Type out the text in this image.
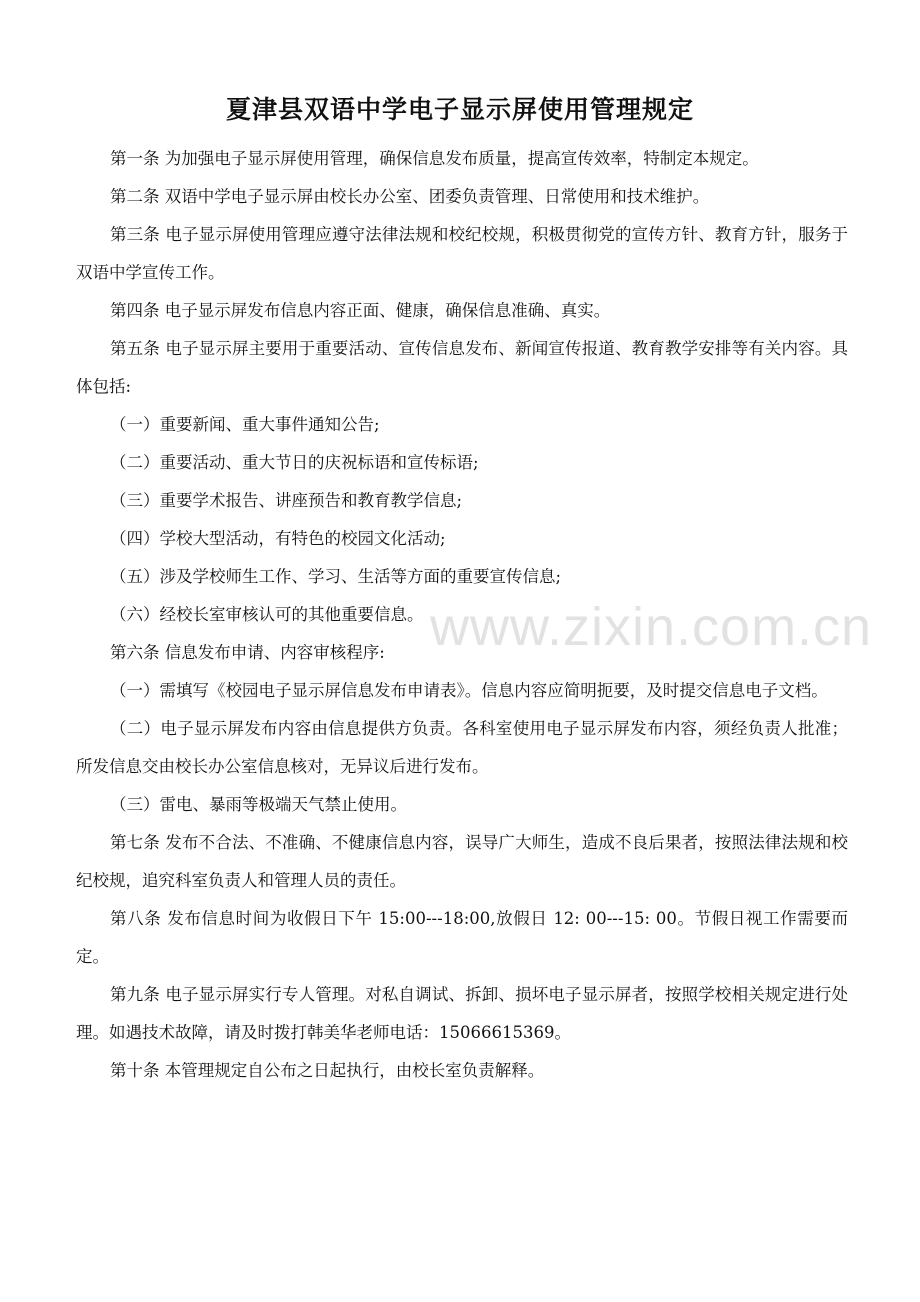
夏津县双语中学电子显示屏使用管理规定

第一条 为加强电子显示屏使用管理，确保信息发布质量，提高宣传效率，特制定本规定。

第二条 双语中学电子显示屏由校长办公室、团委负责管理、日常使用和技术维护。

第三条 电子显示屏使用管理应遵守法律法规和校纪校规，积极贯彻党的宣传方针、教育方针，服务于双语中学宣传工作。

第四条 电子显示屏发布信息内容正面、健康，确保信息准确、真实。

第五条 电子显示屏主要用于重要活动、宣传信息发布、新闻宣传报道、教育教学安排等有关内容。具体包括:

（一）重要新闻、重大事件通知公告;

（二）重要活动、重大节日的庆祝标语和宣传标语;

（三）重要学术报告、讲座预告和教育教学信息;

（四）学校大型活动，有特色的校园文化活动;

（五）涉及学校师生工作、学习、生活等方面的重要宣传信息;

（六）经校长室审核认可的其他重要信息。

第六条 信息发布申请、内容审核程序:

（一）需填写《校园电子显示屏信息发布申请表》。信息内容应简明扼要，及时提交信息电子文档。

（二）电子显示屏发布内容由信息提供方负责。各科室使用电子显示屏发布内容，须经负责人批准；所发信息交由校长办公室信息核对，无异议后进行发布。

（三）雷电、暴雨等极端天气禁止使用。

第七条 发布不合法、不准确、不健康信息内容，误导广大师生，造成不良后果者，按照法律法规和校纪校规，追究科室负责人和管理人员的责任。

第八条 发布信息时间为收假日下午 15:00---18:00,放假日 12: 00---15: 00。节假日视工作需要而定。

第九条 电子显示屏实行专人管理。对私自调试、拆卸、损坏电子显示屏者，按照学校相关规定进行处理。如遇技术故障，请及时拨打韩美华老师电话：15066615369。

第十条 本管理规定自公布之日起执行，由校长室负责解释。

www.zixin.com.cn
